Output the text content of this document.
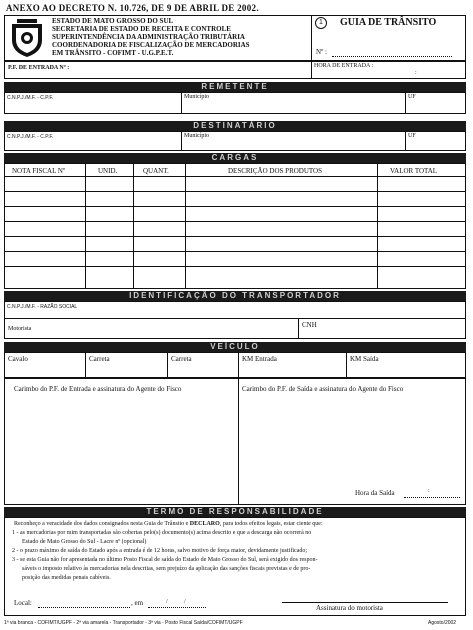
ANEXO AO DECRETO N. 10.726, DE 9 DE ABRIL DE 2002.
ESTADO DE MATO GROSSO DO SUL
SECRETARIA DE ESTADO DE RECEITA E CONTROLE
SUPERINTENDÊNCIA DA ADMINISTRAÇÃO TRIBUTÁRIA
COORDENADORIA DE FISCALIZAÇÃO DE MERCADORIAS
EM TRÂNSITO - COFIMT - U.G.P.E.T.
1	GUIA DE TRÂNSITO
Nº :
P.F. DE ENTRADA Nº :	HORA DE ENTRADA :
:
REMETENTE
C.N.P.J./M.F. - C.P.F.	Município	UF
DESTINATÁRIO
C.N.P.J./M.F. - C.P.F.	Município	UF
CARGAS
NOTA FISCAL Nº	UNID.	QUANT.	DESCRIÇÃO DOS PRODUTOS	VALOR TOTAL
IDENTIFICAÇÃO DO TRANSPORTADOR
C.N.P.J./M.F. - RAZÃO SOCIAL
Motorista	CNH
VEÍCULO
Cavalo	Carreta	Carreta	KM Entrada	KM Saída
Carimbo do P.F. de Entrada e assinatura do Agente do Fisco	Carimbo do P.F. de Saída e assinatura do Agente do Fisco
Hora da Saída	:
TERMO DE RESPONSABILIDADE
Reconheço a veracidade dos dados consignados nesta Guia de Trânsito e DECLARO, para todos efeitos legais, estar ciente que:
1 - as mercadorias por mim transportadas são cobertas pelo(s) documento(s) acima descrito e que a descarga não ocorrerá no
Estado de Mato Grosso do Sul - Lacre nº (opcional)
2 - o prazo máximo de saída do Estado após a entrada é de 12 horas, salvo motivo de força maior, devidamente justificado;
3 - se esta Guia não for apresentada no último Posto Fiscal de saída do Estado de Mato Grosso do Sul, será exigido dos respon-
sáveis o imposto relativo às mercadorias nela descritas, sem prejuízo da aplicação das sanções fiscais previstas e de pro-
posição das medidas penais cabíveis.
Local:	, em	/	/
Assinatura do motorista
1ª via branca - COFIMT/UGPF - 2ª via amarela - Transportador - 3ª via - Posto Fiscal Saída/COFIMT/UGPF	Agosto/2002
